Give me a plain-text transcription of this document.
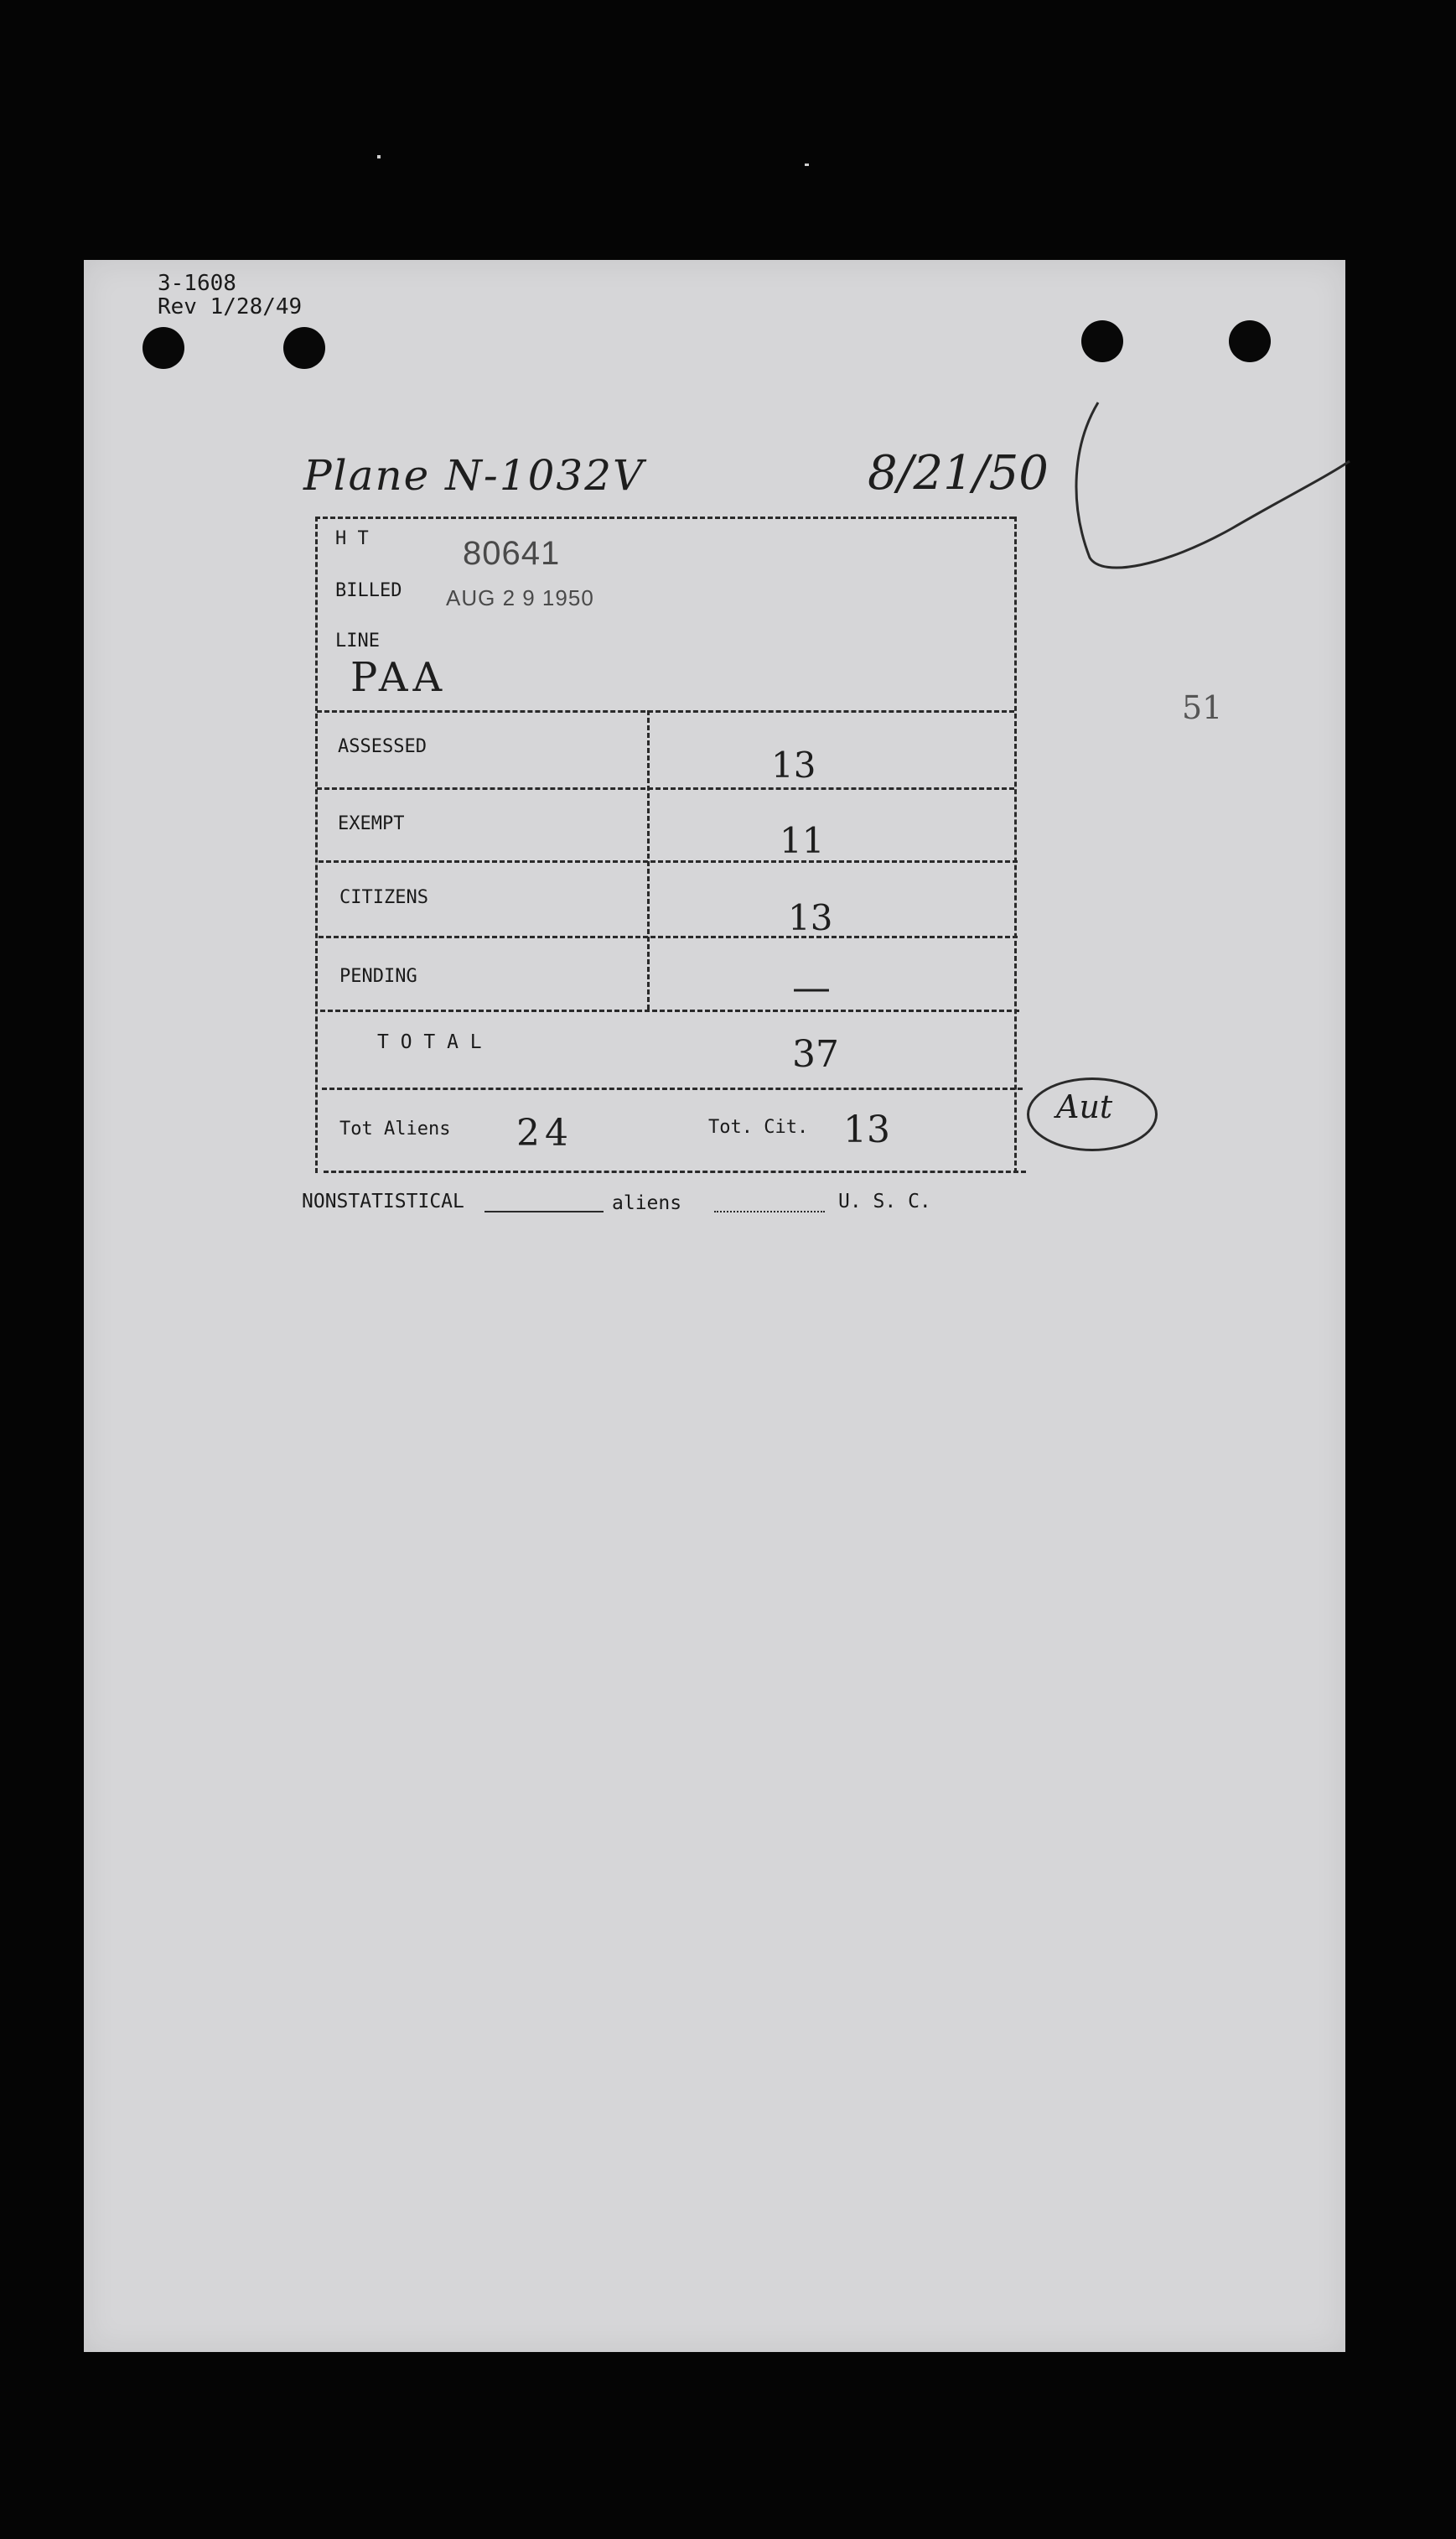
3-1608
Rev 1/28/49
Plane N-1032V	8/21/50
51
H T	80641
BILLED AUG 2 9 1950
LINE
PAA
ASSESSED	13
EXEMPT	11
CITIZENS	13
PENDING	—
T O T A L	37
Tot Aliens 24	Tot. Cit. 13
Aut
NONSTATISTICAL	aliens	U. S. C.
